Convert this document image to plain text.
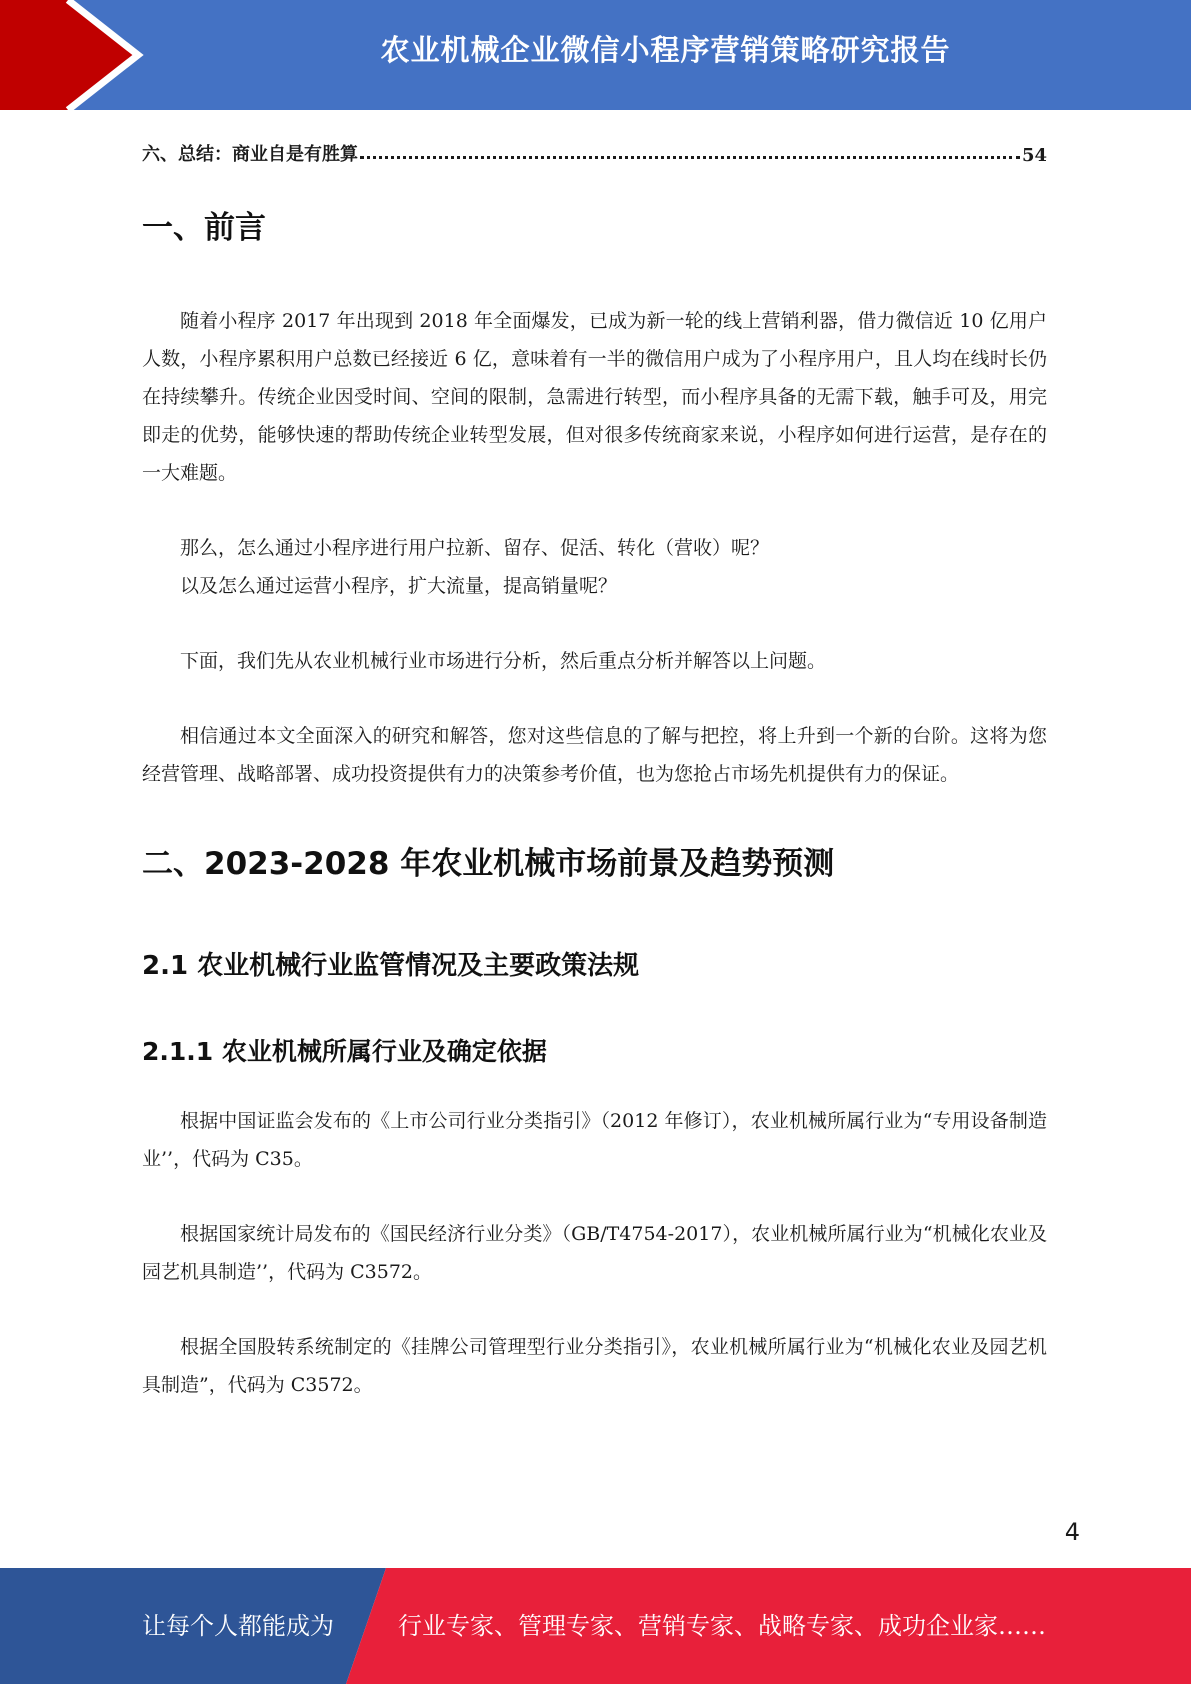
农业机械企业微信小程序营销策略研究报告
六、总结：商业自是有胜算	54
一、前言

随着小程序 2017 年出现到 2018 年全面爆发，已成为新一轮的线上营销利器，借力微信近 10 亿用户人数，小程序累积用户总数已经接近 6 亿，意味着有一半的微信用户成为了小程序用户，且人均在线时长仍在持续攀升。传统企业因受时间、空间的限制，急需进行转型，而小程序具备的无需下载，触手可及，用完即走的优势，能够快速的帮助传统企业转型发展，但对很多传统商家来说，小程序如何进行运营，是存在的一大难题。

那么，怎么通过小程序进行用户拉新、留存、促活、转化（营收）呢？

以及怎么通过运营小程序，扩大流量，提高销量呢？

下面，我们先从农业机械行业市场进行分析，然后重点分析并解答以上问题。

相信通过本文全面深入的研究和解答，您对这些信息的了解与把控，将上升到一个新的台阶。这将为您经营管理、战略部署、成功投资提供有力的决策参考价值，也为您抢占市场先机提供有力的保证。

二、2023-2028 年农业机械市场前景及趋势预测
2.1 农业机械行业监管情况及主要政策法规
2.1.1 农业机械所属行业及确定依据

根据中国证监会发布的《上市公司行业分类指引》（2012 年修订），农业机械所属行业为“专用设备制造业’’，代码为 C35。

根据国家统计局发布的《国民经济行业分类》（GB/T4754-2017），农业机械所属行业为“机械化农业及园艺机具制造’’，代码为 C3572。

根据全国股转系统制定的《挂牌公司管理型行业分类指引》，农业机械所属行业为“机械化农业及园艺机具制造”，代码为 C3572。

4
让每个人都能成为	行业专家、管理专家、营销专家、战略专家、成功企业家……
